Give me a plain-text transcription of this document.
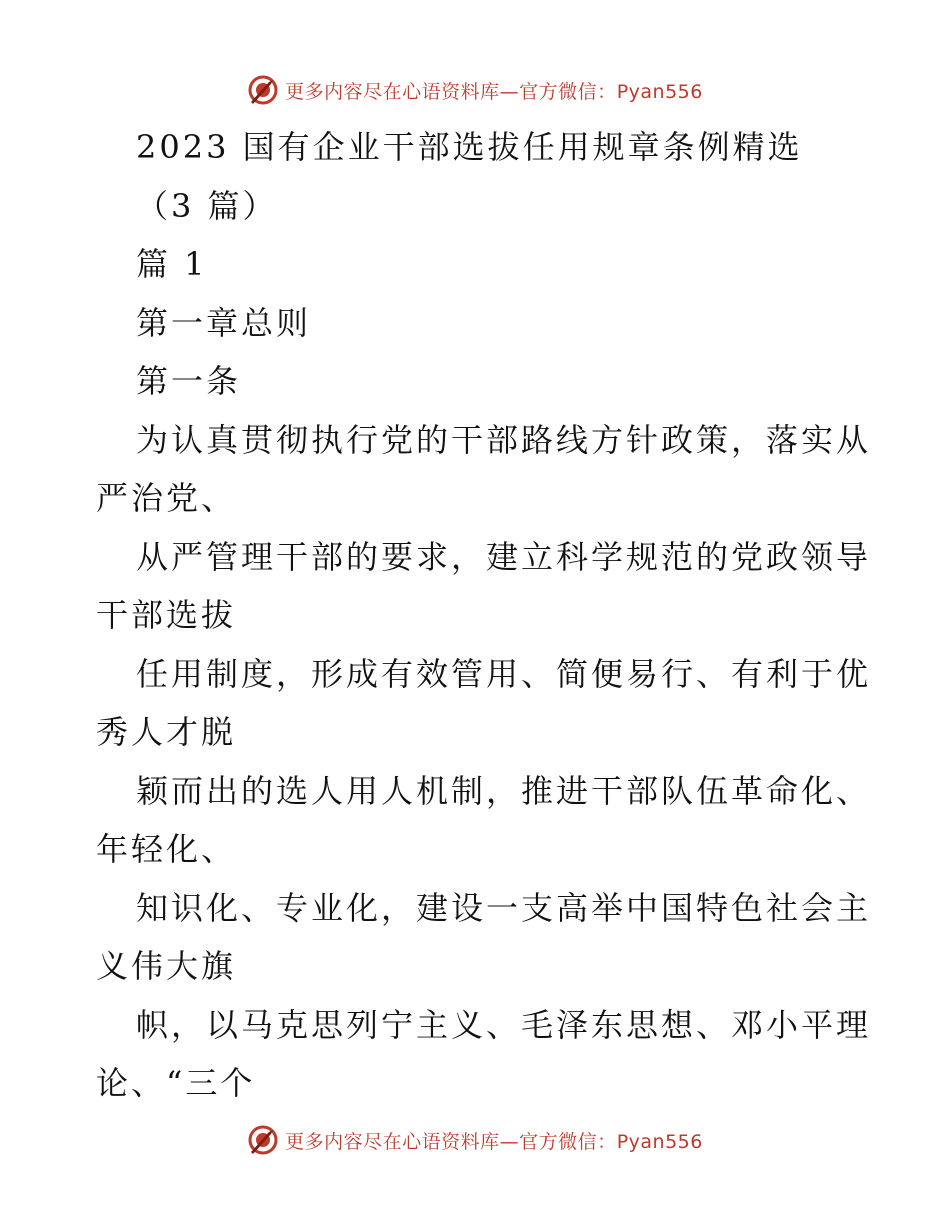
更多内容尽在心语资料库—官方微信：Pyan556
2023 国有企业干部选拔任用规章条例精选
（3 篇）
篇 1
第一章总则
第一条
为认真贯彻执行党的干部路线方针政策，落实从
严治党、
从严管理干部的要求，建立科学规范的党政领导
干部选拔
任用制度，形成有效管用、简便易行、有利于优
秀人才脱
颖而出的选人用人机制，推进干部队伍革命化、
年轻化、
知识化、专业化，建设一支高举中国特色社会主
义伟大旗
帜，以马克思列宁主义、毛泽东思想、邓小平理
论、“三个
更多内容尽在心语资料库—官方微信：Pyan556
